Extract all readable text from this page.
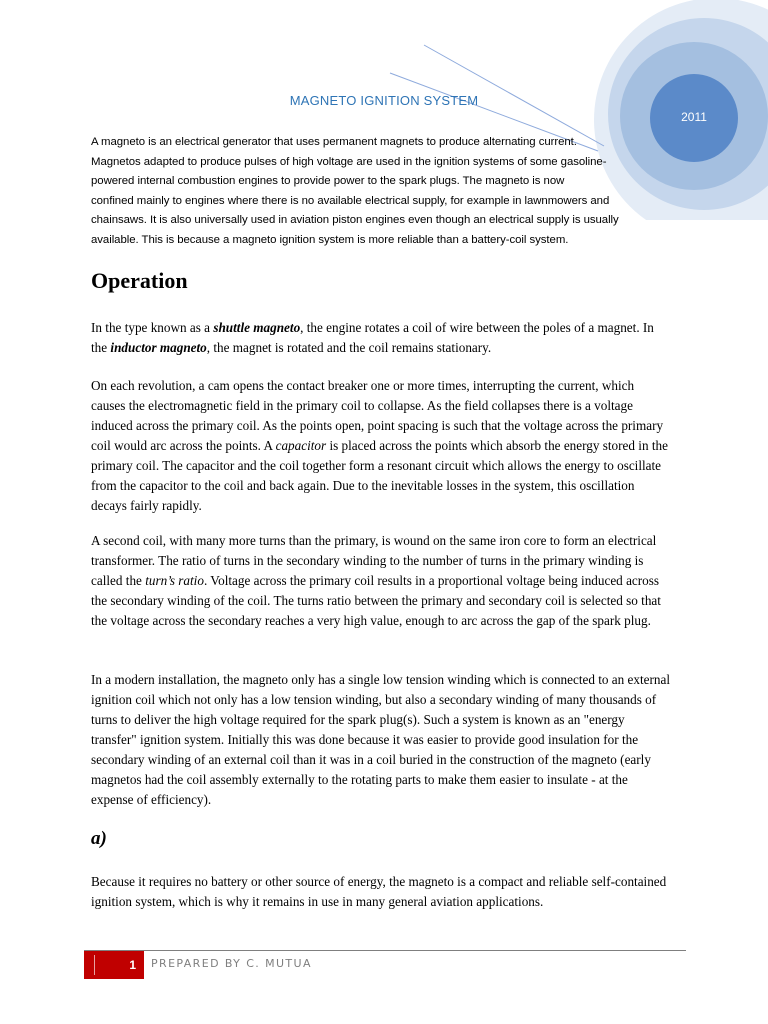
2011
MAGNETO IGNITION SYSTEM

A magneto is an electrical generator that uses permanent magnets to produce alternating current.

Magnetos adapted to produce pulses of high voltage are used in the ignition systems of some gasoline-

powered internal combustion engines to provide power to the spark plugs. The magneto is now

confined mainly to engines where there is no available electrical supply, for example in lawnmowers and

chainsaws. It is also universally used in aviation piston engines even though an electrical supply is usually

available. This is because a magneto ignition system is more reliable than a battery-coil system.

Operation

In the type known as a shuttle magneto, the engine rotates a coil of wire between the poles of a magnet. In the inductor magneto, the magnet is rotated and the coil remains stationary.

On each revolution, a cam opens the contact breaker one or more times, interrupting the current, which causes the electromagnetic field in the primary coil to collapse. As the field collapses there is a voltage induced across the primary coil. As the points open, point spacing is such that the voltage across the primary coil would arc across the points. A capacitor is placed across the points which absorb the energy stored in the primary coil. The capacitor and the coil together form a resonant circuit which allows the energy to oscillate from the capacitor to the coil and back again. Due to the inevitable losses in the system, this oscillation decays fairly rapidly.

A second coil, with many more turns than the primary, is wound on the same iron core to form an electrical transformer. The ratio of turns in the secondary winding to the number of turns in the primary winding is called the turn’s ratio. Voltage across the primary coil results in a proportional voltage being induced across the secondary winding of the coil. The turns ratio between the primary and secondary coil is selected so that the voltage across the secondary reaches a very high value, enough to arc across the gap of the spark plug.

In a modern installation, the magneto only has a single low tension winding which is connected to an external ignition coil which not only has a low tension winding, but also a secondary winding of many thousands of turns to deliver the high voltage required for the spark plug(s). Such a system is known as an "energy transfer" ignition system. Initially this was done because it was easier to provide good insulation for the secondary winding of an external coil than it was in a coil buried in the construction of the magneto (early magnetos had the coil assembly externally to the rotating parts to make them easier to insulate - at the expense of efficiency).

a)

Because it requires no battery or other source of energy, the magneto is a compact and reliable self-contained ignition system, which is why it remains in use in many general aviation applications.

1 PREPARED BY C. MUTUA
